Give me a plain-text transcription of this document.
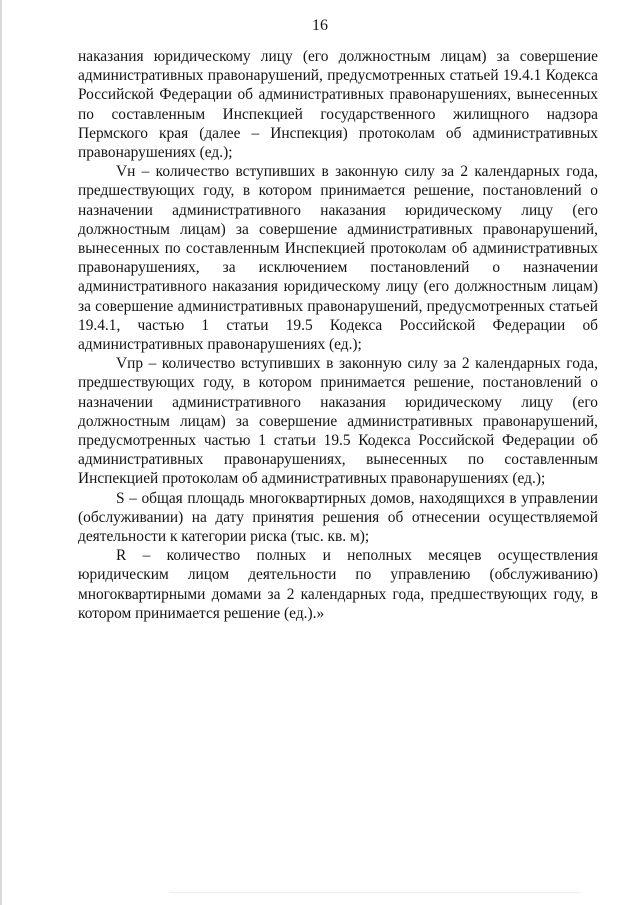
16

наказания юридическому лицу (его должностным лицам) за совершение административных правонарушений, предусмотренных статьей 19.4.1 Кодекса Российской Федерации об административных правонарушениях, вынесенных по составленным Инспекцией государственного жилищного надзора Пермского края (далее – Инспекция) протоколам об административных правонарушениях (ед.);

Vн – количество вступивших в законную силу за 2 календарных года, предшествующих году, в котором принимается решение, постановлений о назначении административного наказания юридическому лицу (его должностным лицам) за совершение административных правонарушений, вынесенных по составленным Инспекцией протоколам об административных правонарушениях, за исключением постановлений о назначении административного наказания юридическому лицу (его должностным лицам) за совершение административных правонарушений, предусмотренных статьей 19.4.1, частью 1 статьи 19.5 Кодекса Российской Федерации об административных правонарушениях (ед.);

Vпр – количество вступивших в законную силу за 2 календарных года, предшествующих году, в котором принимается решение, постановлений о назначении административного наказания юридическому лицу (его должностным лицам) за совершение административных правонарушений, предусмотренных частью 1 статьи 19.5 Кодекса Российской Федерации об административных правонарушениях, вынесенных по составленным Инспекцией протоколам об административных правонарушениях (ед.);

S – общая площадь многоквартирных домов, находящихся в управлении (обслуживании) на дату принятия решения об отнесении осуществляемой деятельности к категории риска (тыс. кв. м);

R – количество полных и неполных месяцев осуществления юридическим лицом деятельности по управлению (обслуживанию) многоквартирными домами за 2 календарных года, предшествующих году, в котором принимается решение (ед.).»
